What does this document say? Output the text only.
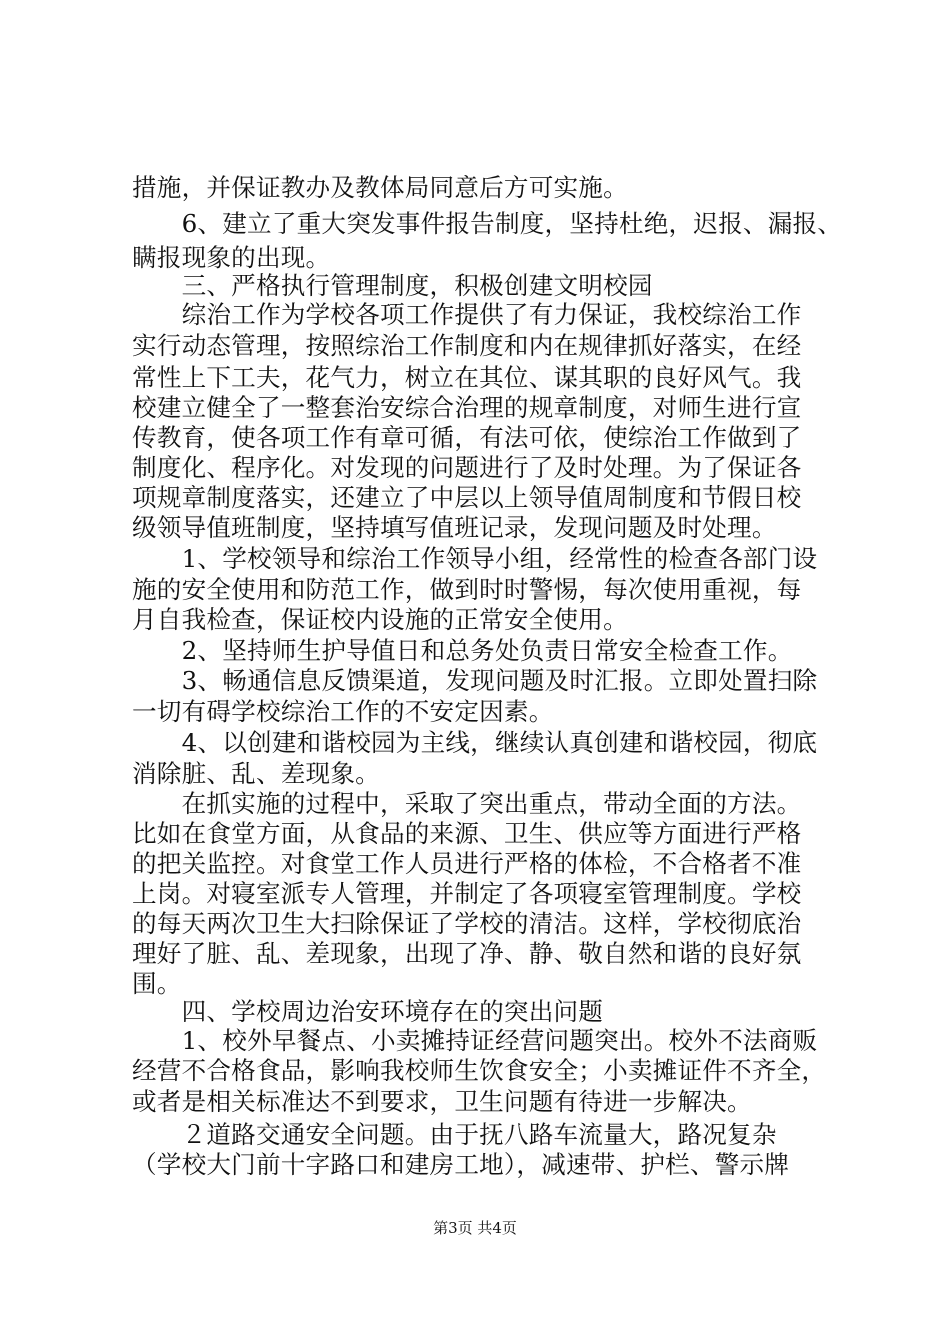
措施，并保证教办及教体局同意后方可实施。
　　6、建立了重大突发事件报告制度，坚持杜绝，迟报、漏报、
瞒报现象的出现。
　　三、严格执行管理制度，积极创建文明校园
　　综治工作为学校各项工作提供了有力保证，我校综治工作
实行动态管理，按照综治工作制度和内在规律抓好落实，在经
常性上下工夫，花气力，树立在其位、谋其职的良好风气。我
校建立健全了一整套治安综合治理的规章制度，对师生进行宣
传教育，使各项工作有章可循，有法可依，使综治工作做到了
制度化、程序化。对发现的问题进行了及时处理。为了保证各
项规章制度落实，还建立了中层以上领导值周制度和节假日校
级领导值班制度，坚持填写值班记录，发现问题及时处理。
　　1、学校领导和综治工作领导小组，经常性的检查各部门设
施的安全使用和防范工作，做到时时警惕，每次使用重视，每
月自我检查，保证校内设施的正常安全使用。
　　2、坚持师生护导值日和总务处负责日常安全检查工作。
　　3、畅通信息反馈渠道，发现问题及时汇报。立即处置扫除
一切有碍学校综治工作的不安定因素。
　　4、以创建和谐校园为主线，继续认真创建和谐校园，彻底
消除脏、乱、差现象。
　　在抓实施的过程中，采取了突出重点，带动全面的方法。
比如在食堂方面，从食品的来源、卫生、供应等方面进行严格
的把关监控。对食堂工作人员进行严格的体检，不合格者不准
上岗。对寝室派专人管理，并制定了各项寝室管理制度。学校
的每天两次卫生大扫除保证了学校的清洁。这样，学校彻底治
理好了脏、乱、差现象，出现了净、静、敬自然和谐的良好氛
围。
　　四、学校周边治安环境存在的突出问题
　　1、校外早餐点、小卖摊持证经营问题突出。校外不法商贩
经营不合格食品，影响我校师生饮食安全；小卖摊证件不齐全，
或者是相关标准达不到要求，卫生问题有待进一步解决。
　　２道路交通安全问题。由于抚八路车流量大，路况复杂
（学校大门前十字路口和建房工地），减速带、护栏、警示牌
第3页 共4页
